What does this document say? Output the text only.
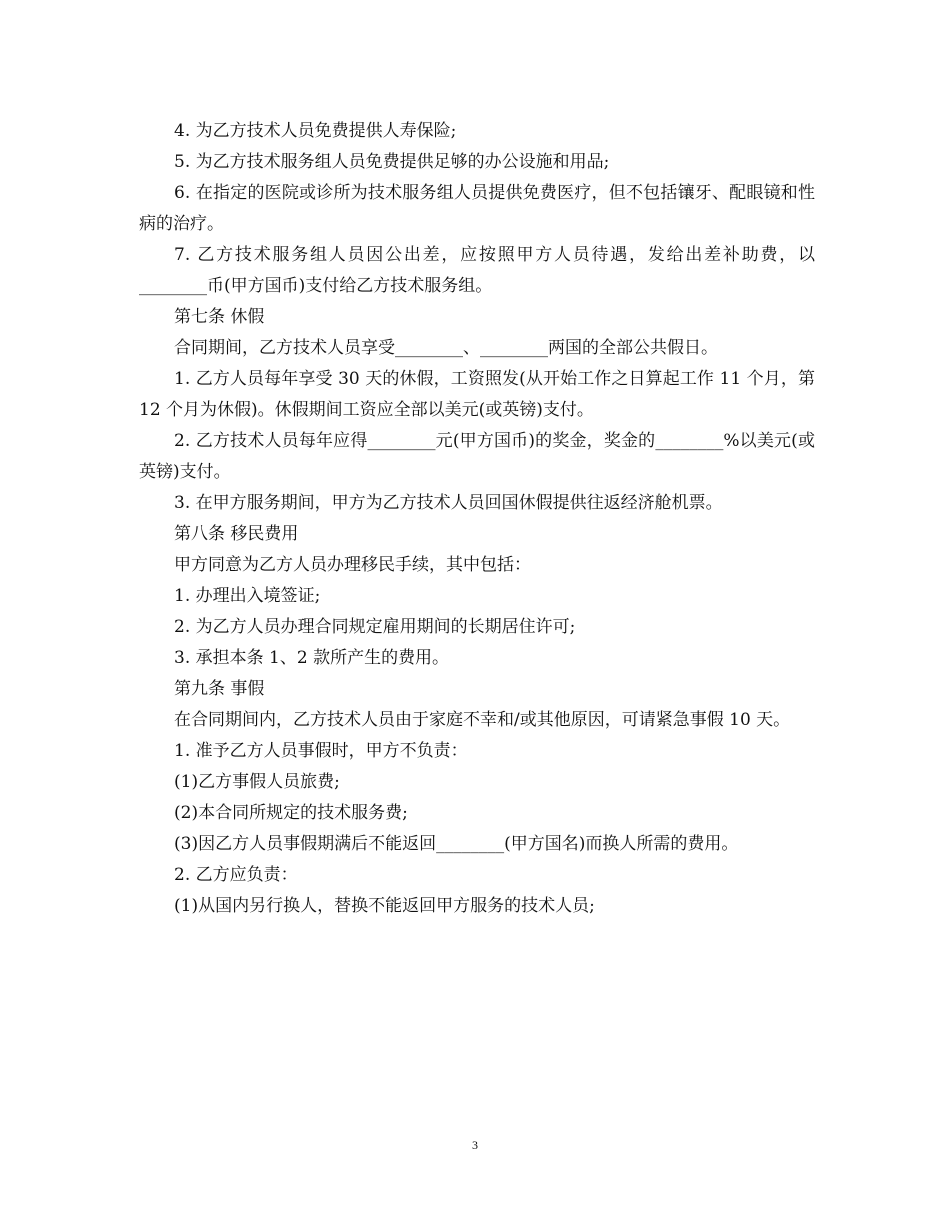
4. 为乙方技术人员免费提供人寿保险;

5. 为乙方技术服务组人员免费提供足够的办公设施和用品;

6. 在指定的医院或诊所为技术服务组人员提供免费医疗，但不包括镶牙、配眼镜和性病的治疗。

7. 乙方技术服务组人员因公出差，应按照甲方人员待遇，发给出差补助费，以________币(甲方国币)支付给乙方技术服务组。

第七条 休假

合同期间，乙方技术人员享受________、________两国的全部公共假日。

1. 乙方人员每年享受 30 天的休假，工资照发(从开始工作之日算起工作 11 个月，第 12 个月为休假)。休假期间工资应全部以美元(或英镑)支付。

2. 乙方技术人员每年应得________元(甲方国币)的奖金，奖金的________%以美元(或英镑)支付。

3. 在甲方服务期间，甲方为乙方技术人员回国休假提供往返经济舱机票。

第八条 移民费用

甲方同意为乙方人员办理移民手续，其中包括：

1. 办理出入境签证;

2. 为乙方人员办理合同规定雇用期间的长期居住许可;

3. 承担本条 1、2 款所产生的费用。

第九条 事假

在合同期间内，乙方技术人员由于家庭不幸和/或其他原因，可请紧急事假 10 天。

1. 准予乙方人员事假时，甲方不负责：

(1)乙方事假人员旅费;

(2)本合同所规定的技术服务费;

(3)因乙方人员事假期满后不能返回________(甲方国名)而换人所需的费用。

2. 乙方应负责：

(1)从国内另行换人，替换不能返回甲方服务的技术人员;

3
